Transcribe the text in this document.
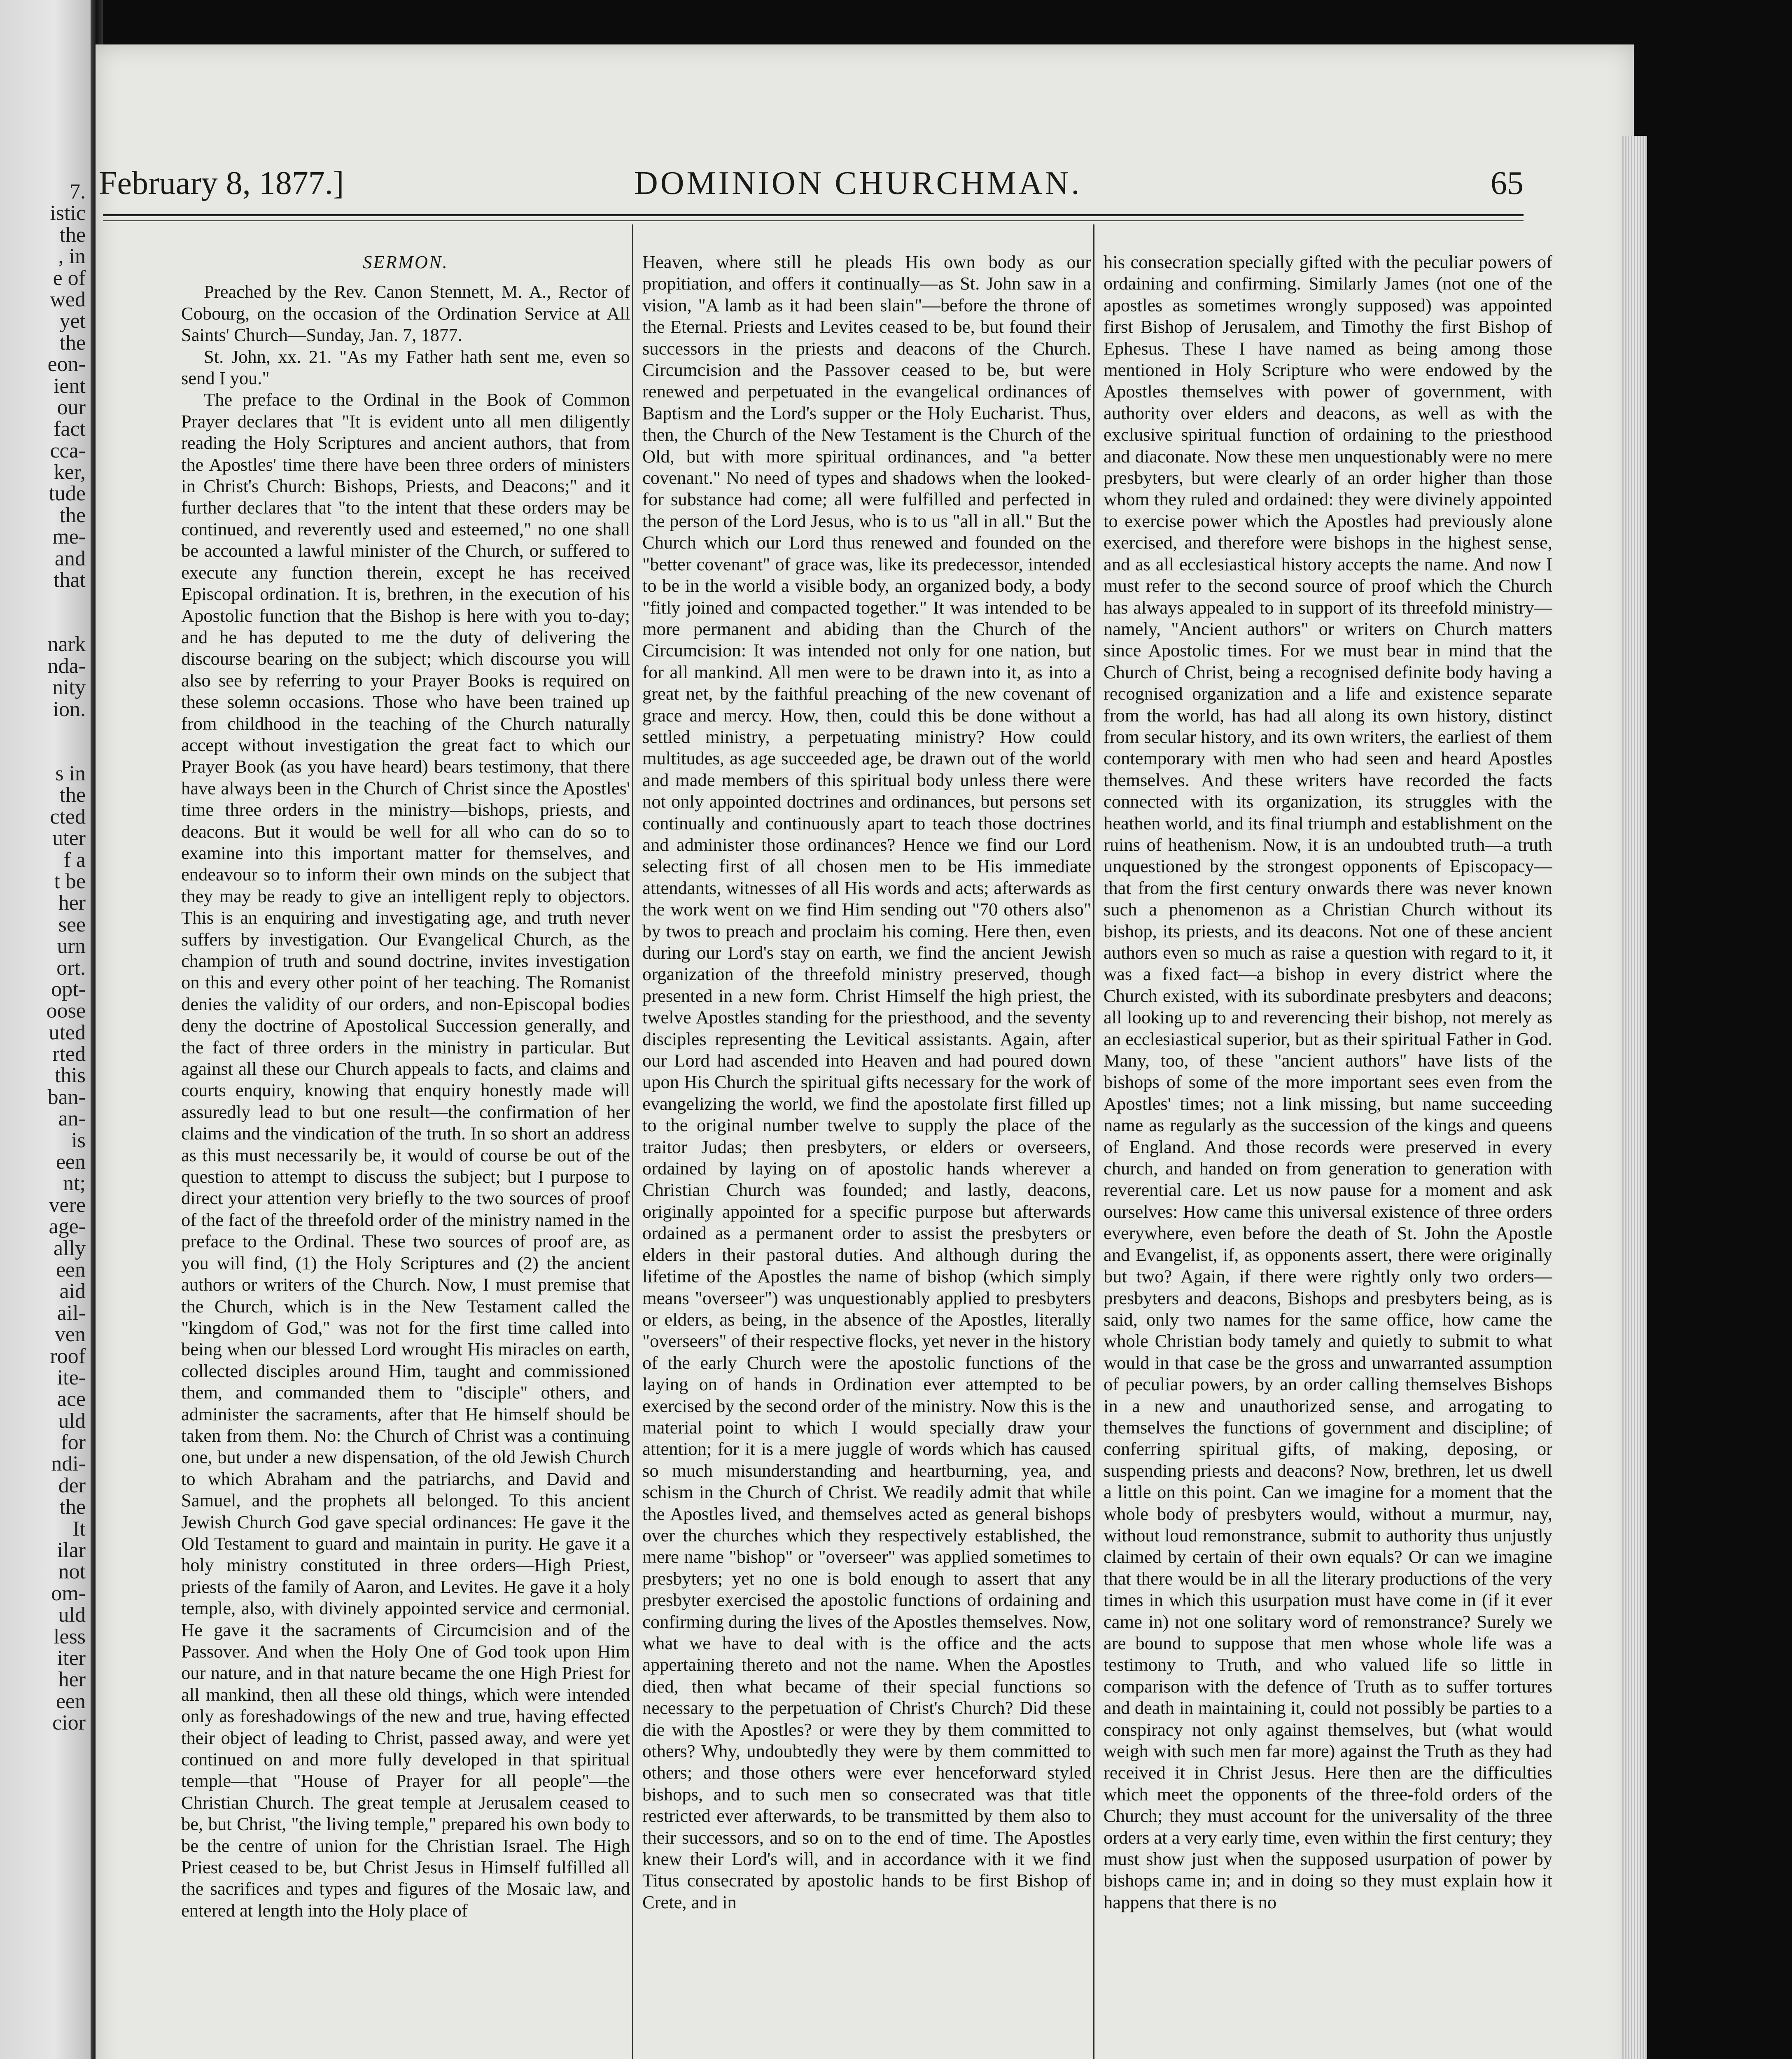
7.
istic
the
, in
e of
wed
yet
the
eon-
ient
our
fact
cca-
ker,
tude
the
me-
and
that
nark
nda-
nity
ion.
s in
the
cted
uter
f a
t be
her
see
urn
ort.
opt-
oose
uted
rted
this
ban-
an-
is
een
nt;
vere
age-
ally
een
aid
ail-
ven
roof
ite-
ace
uld
for
ndi-
der
the
It
ilar
not
om-
uld
less
iter
her
een
cior
February 8, 1877.]	DOMINION CHURCHMAN.	65

SERMON.

Preached by the Rev. Canon Stennett, M. A., Rector of Cobourg, on the occasion of the Ordination Service at All Saints' Church—Sunday, Jan. 7, 1877.

St. John, xx. 21. "As my Father hath sent me, even so send I you."

The preface to the Ordinal in the Book of Common Prayer declares that "It is evident unto all men diligently reading the Holy Scriptures and ancient authors, that from the Apostles' time there have been three orders of ministers in Christ's Church: Bishops, Priests, and Deacons;" and it further declares that "to the intent that these orders may be continued, and reverently used and esteemed," no one shall be accounted a lawful minister of the Church, or suffered to execute any function therein, except he has received Episcopal ordination. It is, brethren, in the execution of his Apostolic function that the Bishop is here with you to-day; and he has deputed to me the duty of delivering the discourse bearing on the subject; which discourse you will also see by referring to your Prayer Books is required on these solemn occasions. Those who have been trained up from childhood in the teaching of the Church naturally accept without investigation the great fact to which our Prayer Book (as you have heard) bears testimony, that there have always been in the Church of Christ since the Apostles' time three orders in the ministry—bishops, priests, and deacons. But it would be well for all who can do so to examine into this important matter for themselves, and endeavour so to inform their own minds on the subject that they may be ready to give an intelligent reply to objectors. This is an enquiring and investigating age, and truth never suffers by investigation. Our Evangelical Church, as the champion of truth and sound doctrine, invites investigation on this and every other point of her teaching. The Romanist denies the validity of our orders, and non-Episcopal bodies deny the doctrine of Apostolical Succession generally, and the fact of three orders in the ministry in particular. But against all these our Church appeals to facts, and claims and courts enquiry, knowing that enquiry honestly made will assuredly lead to but one result—the confirmation of her claims and the vindication of the truth. In so short an address as this must necessarily be, it would of course be out of the question to attempt to discuss the subject; but I purpose to direct your attention very briefly to the two sources of proof of the fact of the threefold order of the ministry named in the preface to the Ordinal. These two sources of proof are, as you will find, (1) the Holy Scriptures and (2) the ancient authors or writers of the Church. Now, I must premise that the Church, which is in the New Testament called the "kingdom of God," was not for the first time called into being when our blessed Lord wrought His miracles on earth, collected disciples around Him, taught and commissioned them, and commanded them to "disciple" others, and administer the sacraments, after that He himself should be taken from them. No: the Church of Christ was a continuing one, but under a new dispensation, of the old Jewish Church to which Abraham and the patriarchs, and David and Samuel, and the prophets all belonged. To this ancient Jewish Church God gave special ordinances: He gave it the Old Testament to guard and maintain in purity. He gave it a holy ministry constituted in three orders—High Priest, priests of the family of Aaron, and Levites. He gave it a holy temple, also, with divinely appointed service and cermonial. He gave it the sacraments of Circumcision and of the Passover. And when the Holy One of God took upon Him our nature, and in that nature became the one High Priest for all mankind, then all these old things, which were intended only as foreshadowings of the new and true, having effected their object of leading to Christ, passed away, and were yet continued on and more fully developed in that spiritual temple—that "House of Prayer for all people"—the Christian Church. The great temple at Jerusalem ceased to be, but Christ, "the living temple," prepared his own body to be the centre of union for the Christian Israel. The High Priest ceased to be, but Christ Jesus in Himself fulfilled all the sacrifices and types and figures of the Mosaic law, and entered at length into the Holy place of

Heaven, where still he pleads His own body as our propitiation, and offers it continually—as St. John saw in a vision, "A lamb as it had been slain"—before the throne of the Eternal. Priests and Levites ceased to be, but found their successors in the priests and deacons of the Church. Circumcision and the Passover ceased to be, but were renewed and perpetuated in the evangelical ordinances of Baptism and the Lord's supper or the Holy Eucharist. Thus, then, the Church of the New Testament is the Church of the Old, but with more spiritual ordinances, and "a better covenant." No need of types and shadows when the looked-for substance had come; all were fulfilled and perfected in the person of the Lord Jesus, who is to us "all in all." But the Church which our Lord thus renewed and founded on the "better covenant" of grace was, like its predecessor, intended to be in the world a visible body, an organized body, a body "fitly joined and compacted together." It was intended to be more permanent and abiding than the Church of the Circumcision: It was intended not only for one nation, but for all mankind. All men were to be drawn into it, as into a great net, by the faithful preaching of the new covenant of grace and mercy. How, then, could this be done without a settled ministry, a perpetuating ministry? How could multitudes, as age succeeded age, be drawn out of the world and made members of this spiritual body unless there were not only appointed doctrines and ordinances, but persons set continually and continuously apart to teach those doctrines and administer those ordinances? Hence we find our Lord selecting first of all chosen men to be His immediate attendants, witnesses of all His words and acts; afterwards as the work went on we find Him sending out "70 others also" by twos to preach and proclaim his coming. Here then, even during our Lord's stay on earth, we find the ancient Jewish organization of the threefold ministry preserved, though presented in a new form. Christ Himself the high priest, the twelve Apostles standing for the priesthood, and the seventy disciples representing the Levitical assistants. Again, after our Lord had ascended into Heaven and had poured down upon His Church the spiritual gifts necessary for the work of evangelizing the world, we find the apostolate first filled up to the original number twelve to supply the place of the traitor Judas; then presbyters, or elders or overseers, ordained by laying on of apostolic hands wherever a Christian Church was founded; and lastly, deacons, originally appointed for a specific purpose but afterwards ordained as a permanent order to assist the presbyters or elders in their pastoral duties. And although during the lifetime of the Apostles the name of bishop (which simply means "overseer") was unquestionably applied to presbyters or elders, as being, in the absence of the Apostles, literally "overseers" of their respective flocks, yet never in the history of the early Church were the apostolic functions of the laying on of hands in Ordination ever attempted to be exercised by the second order of the ministry. Now this is the material point to which I would specially draw your attention; for it is a mere juggle of words which has caused so much misunderstanding and heartburning, yea, and schism in the Church of Christ. We readily admit that while the Apostles lived, and themselves acted as general bishops over the churches which they respectively established, the mere name "bishop" or "overseer" was applied sometimes to presbyters; yet no one is bold enough to assert that any presbyter exercised the apostolic functions of ordaining and confirming during the lives of the Apostles themselves. Now, what we have to deal with is the office and the acts appertaining thereto and not the name. When the Apostles died, then what became of their special functions so necessary to the perpetuation of Christ's Church? Did these die with the Apostles? or were they by them committed to others? Why, undoubtedly they were by them committed to others; and those others were ever henceforward styled bishops, and to such men so consecrated was that title restricted ever afterwards, to be transmitted by them also to their successors, and so on to the end of time. The Apostles knew their Lord's will, and in accordance with it we find Titus consecrated by apostolic hands to be first Bishop of Crete, and in

his consecration specially gifted with the peculiar powers of ordaining and confirming. Similarly James (not one of the apostles as sometimes wrongly supposed) was appointed first Bishop of Jerusalem, and Timothy the first Bishop of Ephesus. These I have named as being among those mentioned in Holy Scripture who were endowed by the Apostles themselves with power of government, with authority over elders and deacons, as well as with the exclusive spiritual function of ordaining to the priesthood and diaconate. Now these men unquestionably were no mere presbyters, but were clearly of an order higher than those whom they ruled and ordained: they were divinely appointed to exercise power which the Apostles had previously alone exercised, and therefore were bishops in the highest sense, and as all ecclesiastical history accepts the name. And now I must refer to the second source of proof which the Church has always appealed to in support of its threefold ministry—namely, "Ancient authors" or writers on Church matters since Apostolic times. For we must bear in mind that the Church of Christ, being a recognised definite body having a recognised organization and a life and existence separate from the world, has had all along its own history, distinct from secular history, and its own writers, the earliest of them contemporary with men who had seen and heard Apostles themselves. And these writers have recorded the facts connected with its organization, its struggles with the heathen world, and its final triumph and establishment on the ruins of heathenism. Now, it is an undoubted truth—a truth unquestioned by the strongest opponents of Episcopacy—that from the first century onwards there was never known such a phenomenon as a Christian Church without its bishop, its priests, and its deacons. Not one of these ancient authors even so much as raise a question with regard to it, it was a fixed fact—a bishop in every district where the Church existed, with its subordinate presbyters and deacons; all looking up to and reverencing their bishop, not merely as an ecclesiastical superior, but as their spiritual Father in God. Many, too, of these "ancient authors" have lists of the bishops of some of the more important sees even from the Apostles' times; not a link missing, but name succeeding name as regularly as the succession of the kings and queens of England. And those records were preserved in every church, and handed on from generation to generation with reverential care. Let us now pause for a moment and ask ourselves: How came this universal existence of three orders everywhere, even before the death of St. John the Apostle and Evangelist, if, as opponents assert, there were originally but two? Again, if there were rightly only two orders—presbyters and deacons, Bishops and presbyters being, as is said, only two names for the same office, how came the whole Christian body tamely and quietly to submit to what would in that case be the gross and unwarranted assumption of peculiar powers, by an order calling themselves Bishops in a new and unauthorized sense, and arrogating to themselves the functions of government and discipline; of conferring spiritual gifts, of making, deposing, or suspending priests and deacons? Now, brethren, let us dwell a little on this point. Can we imagine for a moment that the whole body of presbyters would, without a murmur, nay, without loud remonstrance, submit to authority thus unjustly claimed by certain of their own equals? Or can we imagine that there would be in all the literary productions of the very times in which this usurpation must have come in (if it ever came in) not one solitary word of remonstrance? Surely we are bound to suppose that men whose whole life was a testimony to Truth, and who valued life so little in comparison with the defence of Truth as to suffer tortures and death in maintaining it, could not possibly be parties to a conspiracy not only against themselves, but (what would weigh with such men far more) against the Truth as they had received it in Christ Jesus. Here then are the difficulties which meet the opponents of the three-fold orders of the Church; they must account for the universality of the three orders at a very early time, even within the first century; they must show just when the supposed usurpation of power by bishops came in; and in doing so they must explain how it happens that there is no
